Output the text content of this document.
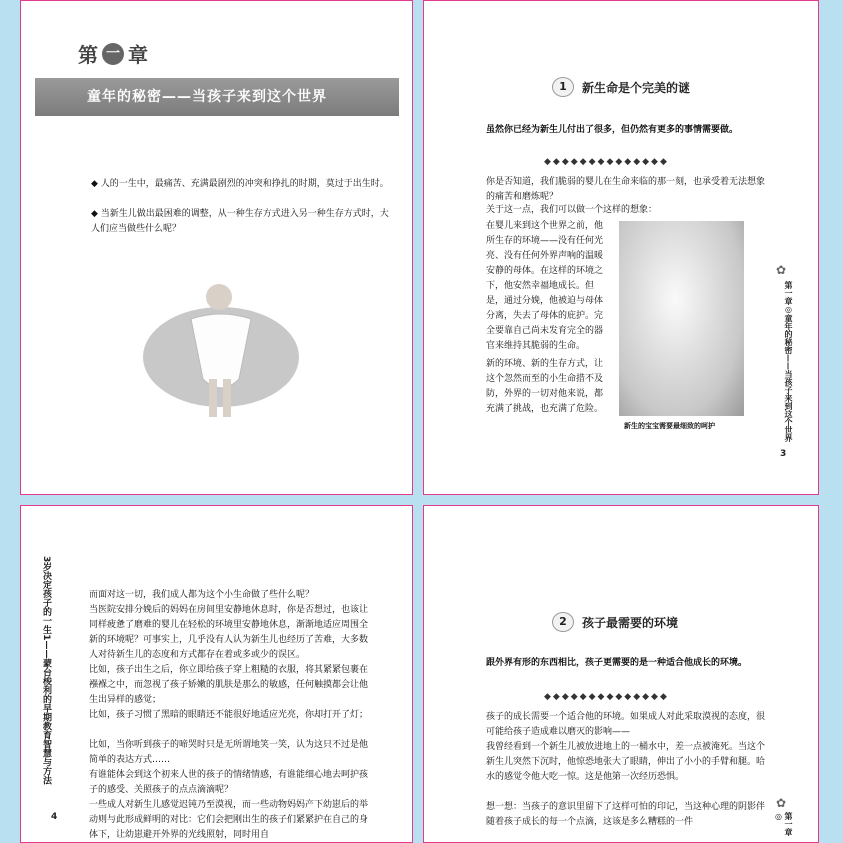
第 一 章
童年的秘密——当孩子来到这个世界
◆ 人的一生中，最痛苦、充满最剧烈的冲突和挣扎的时期，莫过于出生时。
◆ 当新生儿做出最困难的调整，从一种生存方式进入另一种生存方式时，大人们应当做些什么呢？
1	新生命是个完美的谜
虽然你已经为新生儿付出了很多，但仍然有更多的事情需要做。
◆◆◆◆◆◆◆◆◆◆◆◆◆◆
你是否知道，我们脆弱的婴儿在生命来临的那一刻，也承受着无法想象的痛苦和磨炼呢？
关于这一点，我们可以做一个这样的想象：
在婴儿来到这个世界之前，他所生存的环境——没有任何光亮、没有任何外界声响的温暖安静的母体。在这样的环境之下，他安然幸福地成长。但是，通过分娩，他被迫与母体分离，失去了母体的庇护。完全要靠自己尚未发育完全的器官来维持其脆弱的生命。
新的环境、新的生存方式，让这个忽然而至的小生命措不及防，外界的一切对他来说，都充满了挑战，也充满了危险。
新生的宝宝需要最细致的呵护
✿
第一章◎童年的秘密——当孩子来到这个世界
3
3岁决定孩子的一生1——蒙台梭利的早期教育智慧与方法
4
而面对这一切，我们成人都为这个小生命做了些什么呢？
当医院安排分娩后的妈妈在房间里安静地休息时，你是否想过，也该让同样疲惫了磨难的婴儿在轻松的环境里安静地休息，渐渐地适应周围全新的环境呢？可事实上，几乎没有人认为新生儿也经历了苦难，大多数人对待新生儿的态度和方式都存在着或多或少的误区。
比如，孩子出生之后，你立即给孩子穿上粗糙的衣服，将其紧紧包裹在襁褓之中，而忽视了孩子娇嫩的肌肤是那么的敏感，任何触摸都会让他生出异样的感觉；
比如，孩子习惯了黑暗的眼睛还不能很好地适应光亮，你却打开了灯；
比如，当你听到孩子的啼哭时只是无所谓地笑一笑，认为这只不过是他简单的表达方式……
有谁能体会到这个初来人世的孩子的情绪情感，有谁能细心地去呵护孩子的感受、关照孩子的点点滴滴呢？
一些成人对新生儿感觉迟钝乃至漠视，而一些动物妈妈产下幼崽后的举动则与此形成鲜明的对比：它们会把刚出生的孩子们紧紧护在自己的身体下，让幼崽避开外界的光线照射，同时用自
2	孩子最需要的环境
跟外界有形的东西相比，孩子更需要的是一种适合他成长的环境。
◆◆◆◆◆◆◆◆◆◆◆◆◆◆
孩子的成长需要一个适合他的环境。如果成人对此采取漠视的态度，很可能给孩子造成难以磨灭的影响——
我曾经看到一个新生儿被放进地上的一桶水中，差一点被淹死。当这个新生儿突然下沉时，他惊恐地张大了眼睛，伸出了小小的手臂和腿。哈水的感觉令他大吃一惊。这是他第一次经历恐惧。
想一想：当孩子的意识里留下了这样可怕的印记，当这种心理的阴影伴随着孩子成长的每一个点滴，这该是多么糟糕的一件
✿
第一章◎
